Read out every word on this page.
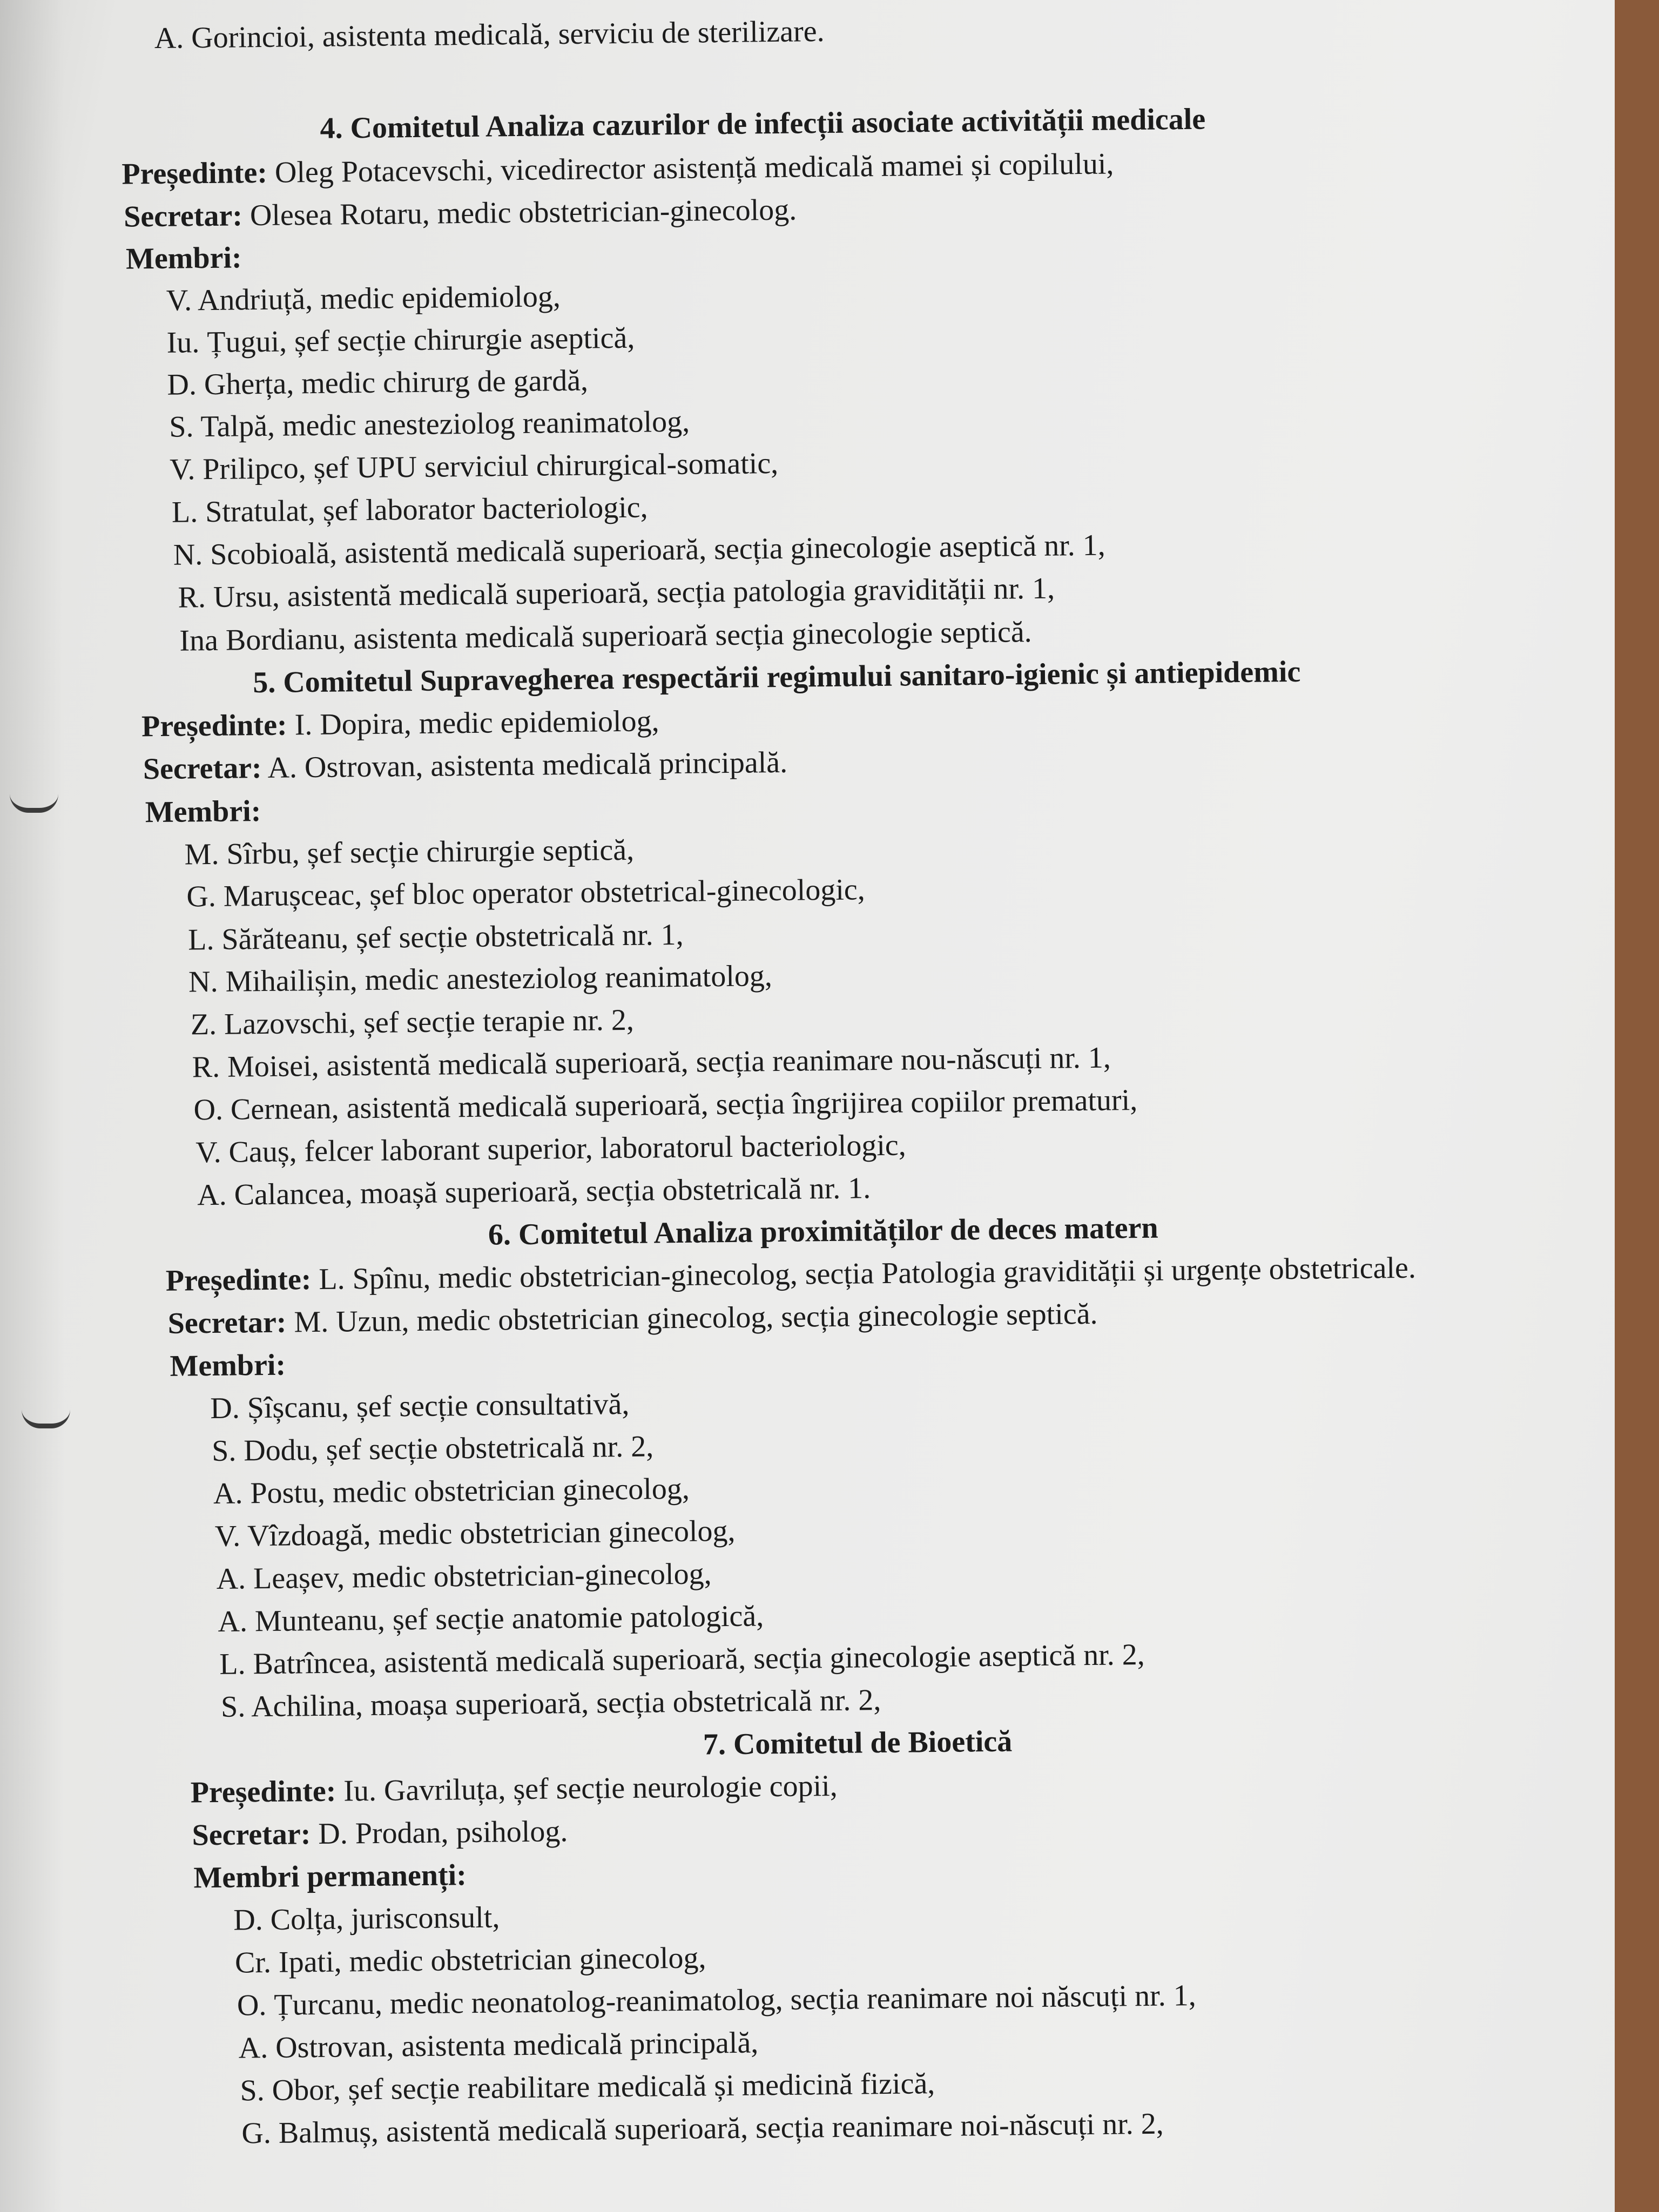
A. Gorincioi, asistenta medicală, serviciu de sterilizare.
4. Comitetul Analiza cazurilor de infecții asociate activității medicale
Președinte: Oleg Potacevschi, vicedirector asistență medicală mamei și copilului,
Secretar: Olesea Rotaru, medic obstetrician-ginecolog.
Membri:
V. Andriuță, medic epidemiolog,
Iu. Țugui, șef secție chirurgie aseptică,
D. Gherța, medic chirurg de gardă,
S. Talpă, medic anesteziolog reanimatolog,
V. Prilipco, șef UPU serviciul chirurgical-somatic,
L. Stratulat, șef laborator bacteriologic,
N. Scobioală, asistentă medicală superioară, secția ginecologie aseptică nr. 1,
R. Ursu, asistentă medicală superioară, secția patologia gravidității nr. 1,
Ina Bordianu, asistenta medicală superioară secția ginecologie septică.
5. Comitetul Supravegherea respectării regimului sanitaro-igienic și antiepidemic
Președinte: I. Dopira, medic epidemiolog,
Secretar: A. Ostrovan, asistenta medicală principală.
Membri:
M. Sîrbu, șef secție chirurgie septică,
G. Marușceac, șef bloc operator obstetrical-ginecologic,
L. Sărăteanu, șef secție obstetricală nr. 1,
N. Mihailișin, medic anesteziolog reanimatolog,
Z. Lazovschi, șef secție terapie nr. 2,
R. Moisei, asistentă medicală superioară, secția reanimare nou-născuți nr. 1,
O. Cernean, asistentă medicală superioară, secția îngrijirea copiilor prematuri,
V. Cauș, felcer laborant superior, laboratorul bacteriologic,
A. Calancea, moașă superioară, secția obstetricală nr. 1.
6. Comitetul Analiza proximităților de deces matern
Președinte: L. Spînu, medic obstetrician-ginecolog, secția Patologia gravidității și urgențe obstetricale.
Secretar: M. Uzun, medic obstetrician ginecolog, secția ginecologie septică.
Membri:
D. Șîșcanu, șef secție consultativă,
S. Dodu, șef secție obstetricală nr. 2,
A. Postu, medic obstetrician ginecolog,
V. Vîzdoagă, medic obstetrician ginecolog,
A. Leașev, medic obstetrician-ginecolog,
A. Munteanu, șef secție anatomie patologică,
L. Batrîncea, asistentă medicală superioară, secția ginecologie aseptică nr. 2,
S. Achilina, moașa superioară, secția obstetricală nr. 2,
7. Comitetul de Bioetică
Președinte: Iu. Gavriluța, șef secție neurologie copii,
Secretar: D. Prodan, psiholog.
Membri permanenți:
D. Colța, jurisconsult,
Cr. Ipati, medic obstetrician ginecolog,
O. Țurcanu, medic neonatolog-reanimatolog, secția reanimare noi născuți nr. 1,
A. Ostrovan, asistenta medicală principală,
S. Obor, șef secție reabilitare medicală și medicină fizică,
G. Balmuș, asistentă medicală superioară, secția reanimare noi-născuți nr. 2,
